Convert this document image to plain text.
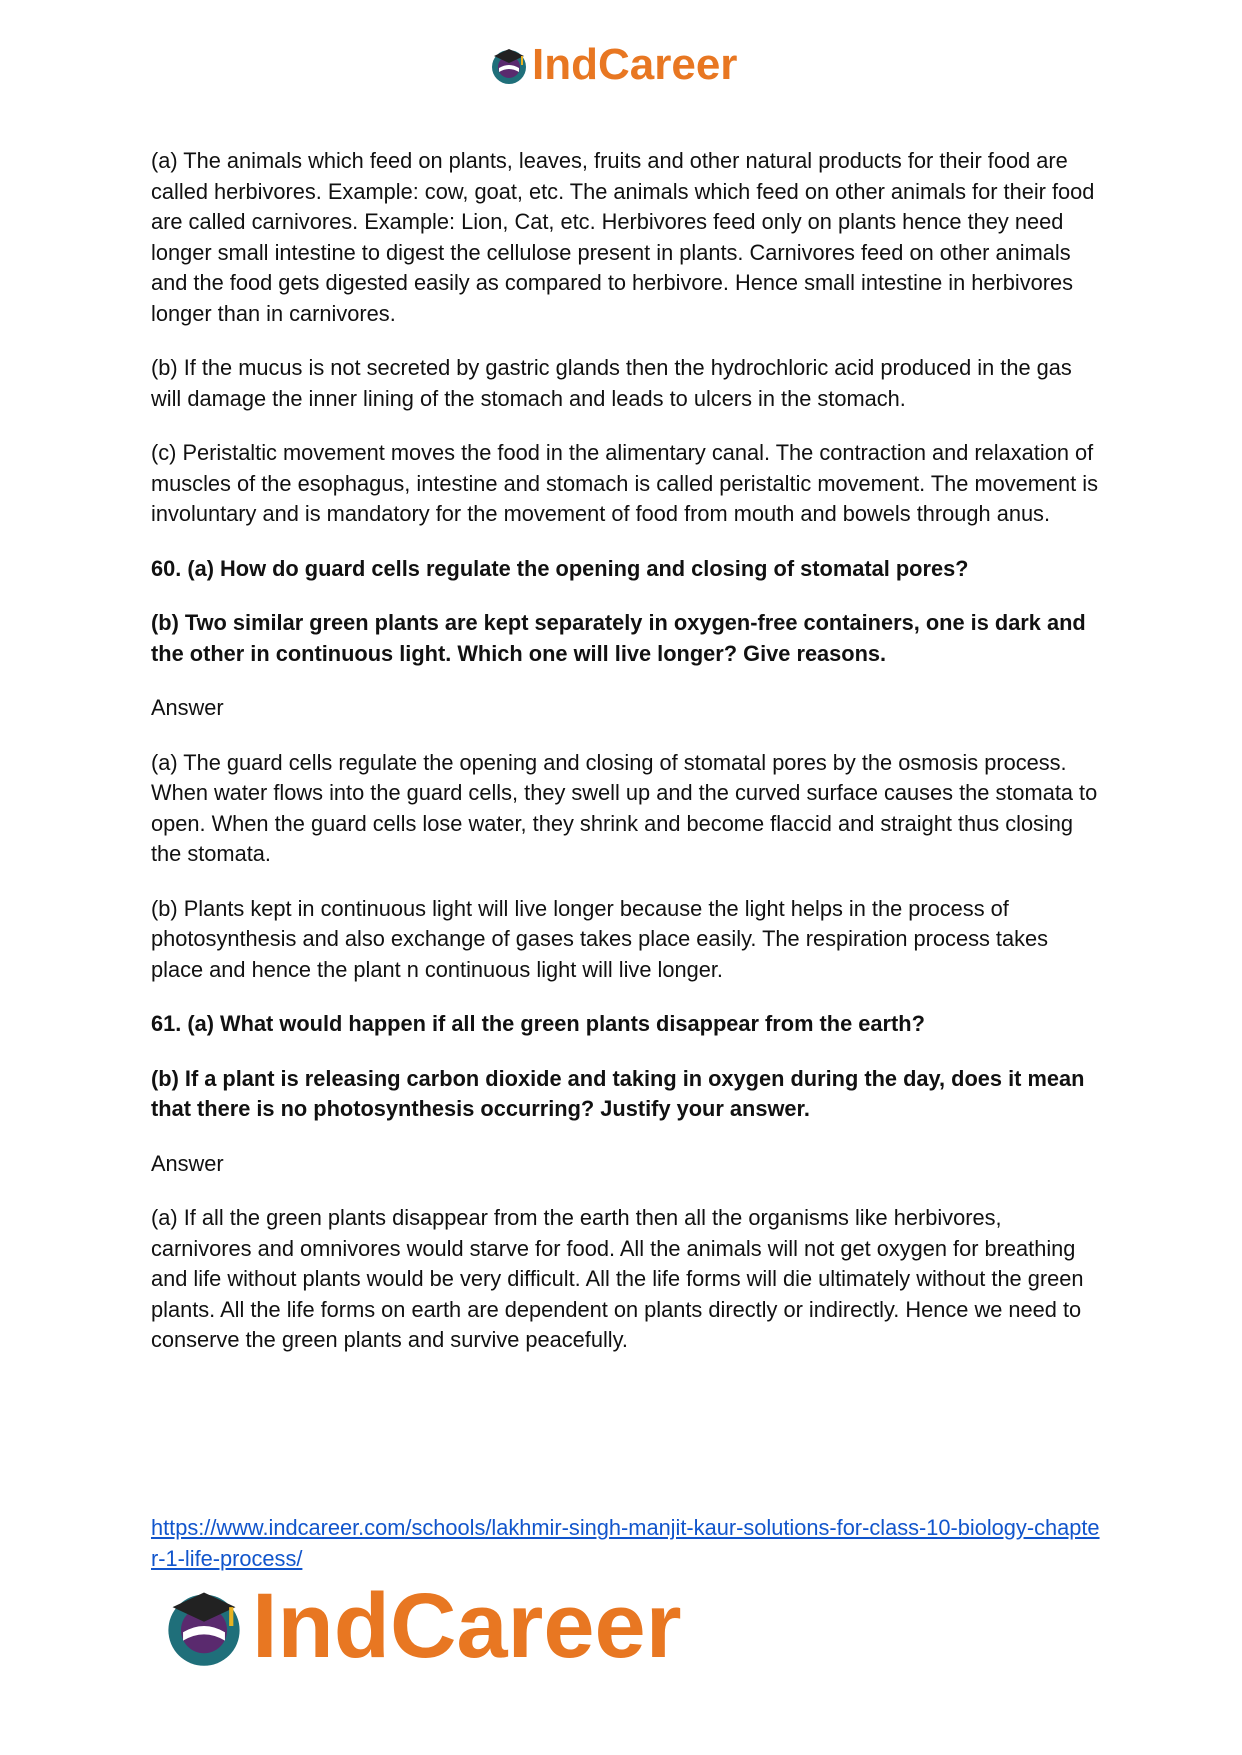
IndCareer

(a) The animals which feed on plants, leaves, fruits and other natural products for their food are called herbivores. Example: cow, goat, etc. The animals which feed on other animals for their food are called carnivores. Example: Lion, Cat, etc. Herbivores feed only on plants hence they need longer small intestine to digest the cellulose present in plants. Carnivores feed on other animals and the food gets digested easily as compared to herbivore. Hence small intestine in herbivores longer than in carnivores.

(b) If the mucus is not secreted by gastric glands then the hydrochloric acid produced in the gas will damage the inner lining of the stomach and leads to ulcers in the stomach.

(c) Peristaltic movement moves the food in the alimentary canal. The contraction and relaxation of muscles of the esophagus, intestine and stomach is called peristaltic movement. The movement is involuntary and is mandatory for the movement of food from mouth and bowels through anus.

60. (a) How do guard cells regulate the opening and closing of stomatal pores?

(b) Two similar green plants are kept separately in oxygen-free containers, one is dark and the other in continuous light. Which one will live longer? Give reasons.

Answer

(a) The guard cells regulate the opening and closing of stomatal pores by the osmosis process. When water flows into the guard cells, they swell up and the curved surface causes the stomata to open. When the guard cells lose water, they shrink and become flaccid and straight thus closing the stomata.

(b) Plants kept in continuous light will live longer because the light helps in the process of photosynthesis and also exchange of gases takes place easily. The respiration process takes place and hence the plant n continuous light will live longer.

61. (a) What would happen if all the green plants disappear from the earth?

(b) If a plant is releasing carbon dioxide and taking in oxygen during the day, does it mean that there is no photosynthesis occurring? Justify your answer.

Answer

(a) If all the green plants disappear from the earth then all the organisms like herbivores, carnivores and omnivores would starve for food. All the animals will not get oxygen for breathing and life without plants would be very difficult. All the life forms will die ultimately without the green plants. All the life forms on earth are dependent on plants directly or indirectly. Hence we need to conserve the green plants and survive peacefully.

https://www.indcareer.com/schools/lakhmir-singh-manjit-kaur-solutions-for-class-10-biology-chapter-1-life-process/
IndCareer
